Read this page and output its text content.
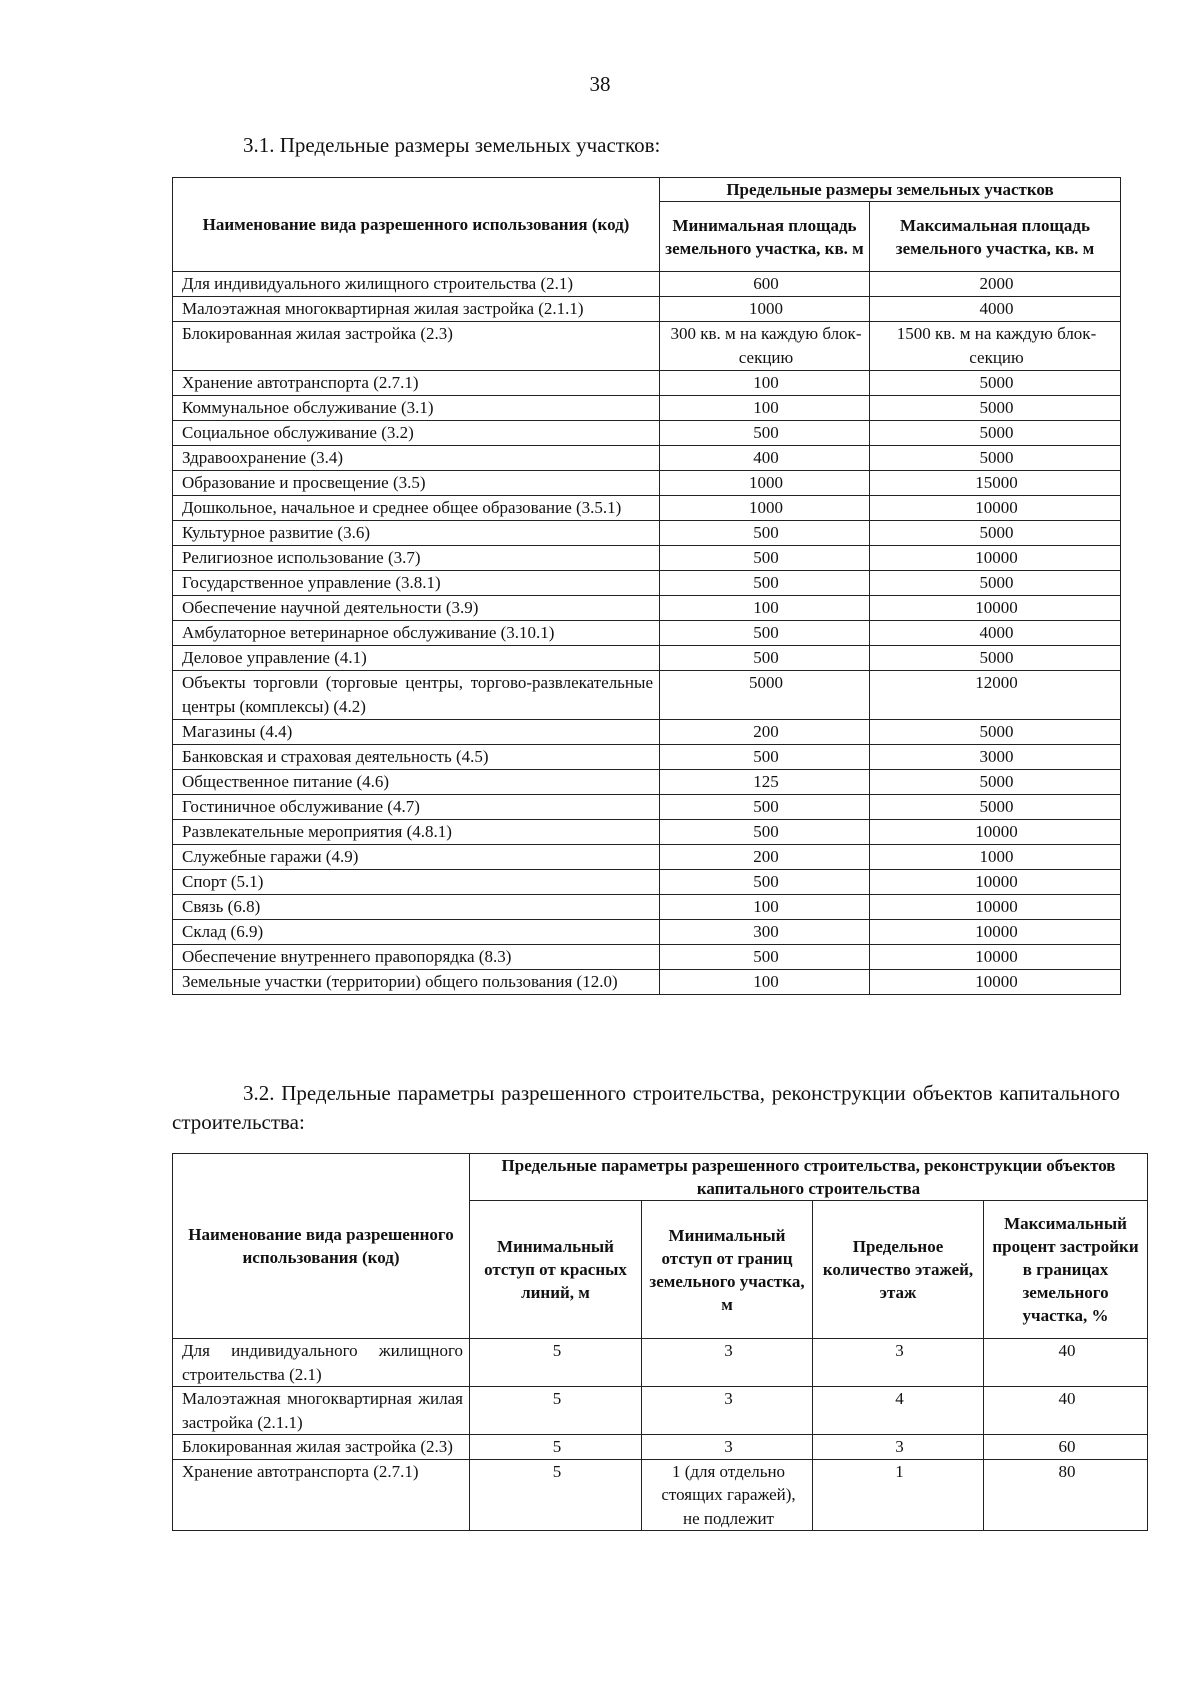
38
3.1. Предельные размеры земельных участков:
Наименование вида разрешенного использования (код)	Предельные размеры земельных участков	
	Минимальная площадь земельного участка, кв. м	Максимальная площадь земельного участка, кв. м
Для индивидуального жилищного строительства (2.1)	600	2000
Малоэтажная многоквартирная жилая застройка (2.1.1)	1000	4000
Блокированная жилая застройка (2.3)	300 кв. м на каждую блок-секцию	1500 кв. м на каждую блок-секцию
Хранение автотранспорта (2.7.1)	100	5000
Коммунальное обслуживание (3.1)	100	5000
Социальное обслуживание (3.2)	500	5000
Здравоохранение (3.4)	400	5000
Образование и просвещение (3.5)	1000	15000
Дошкольное, начальное и среднее общее образование (3.5.1)	1000	10000
Культурное развитие (3.6)	500	5000
Религиозное использование (3.7)	500	10000
Государственное управление (3.8.1)	500	5000
Обеспечение научной деятельности (3.9)	100	10000
Амбулаторное ветеринарное обслуживание (3.10.1)	500	4000
Деловое управление (4.1)	500	5000
Объекты торговли (торговые центры, торгово-развлекательные центры (комплексы) (4.2)	5000	12000
Магазины (4.4)	200	5000
Банковская и страховая деятельность (4.5)	500	3000
Общественное питание (4.6)	125	5000
Гостиничное обслуживание (4.7)	500	5000
Развлекательные мероприятия (4.8.1)	500	10000
Служебные гаражи (4.9)	200	1000
Спорт (5.1)	500	10000
Связь (6.8)	100	10000
Склад (6.9)	300	10000
Обеспечение внутреннего правопорядка (8.3)	500	10000
Земельные участки (территории) общего пользования (12.0)	100	10000
3.2. Предельные параметры разрешенного строительства, реконструкции объектов капитального строительства:
Наименование вида разрешенного использования (код)	Предельные параметры разрешенного строительства, реконструкции объектов капитального строительства			
	Минимальный отступ от красных линий, м	Минимальный отступ от границ земельного участка, м	Предельное количество этажей, этаж	Максимальный процент застройки в границах земельного участка, %
Для индивидуального жилищного строительства (2.1)	5	3	3	40
Малоэтажная многоквартирная жилая застройка (2.1.1)	5	3	4	40
Блокированная жилая застройка (2.3)	5	3	3	60
Хранение автотранспорта (2.7.1)	5	1 (для отдельно стоящих гаражей), не подлежит	1	80
